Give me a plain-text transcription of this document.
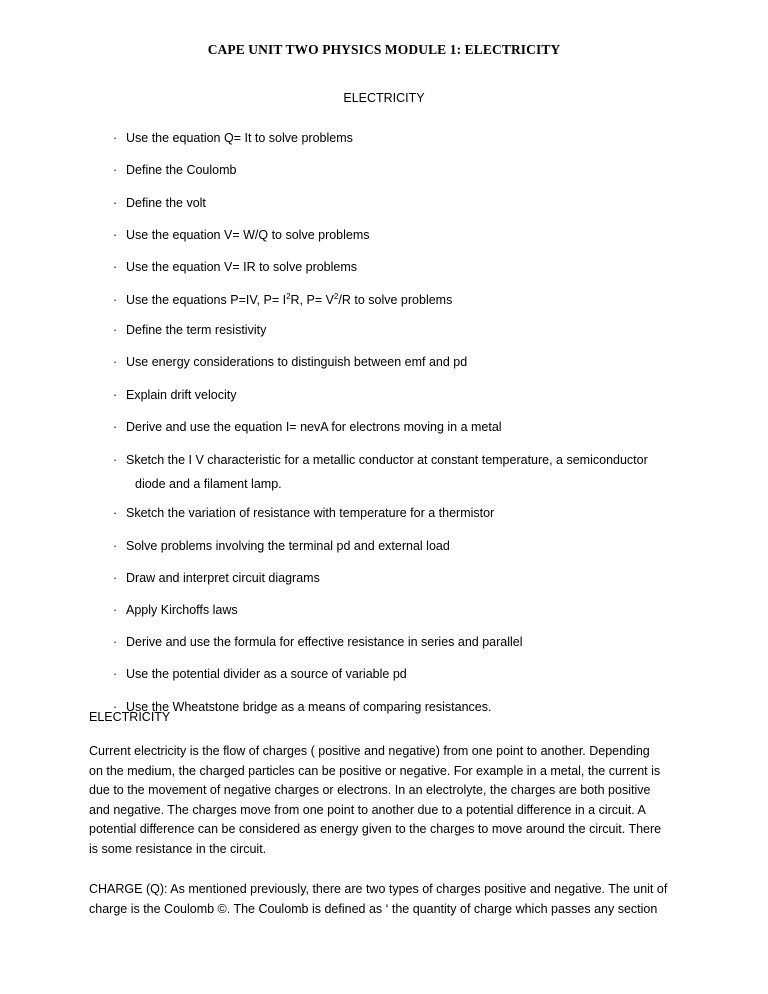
CAPE UNIT TWO PHYSICS MODULE 1: ELECTRICITY
ELECTRICITY
· Use the equation Q= It to solve problems
· Define the Coulomb
· Define the volt
· Use the equation V= W/Q to solve problems
· Use the equation V= IR to solve problems
· Use the equations P=IV, $P= I^2R$, $P= V^2/R$ to solve problems
· Define the term resistivity
· Use energy considerations to distinguish between emf and pd
· Explain drift velocity
· Derive and use the equation I= nevA for electrons moving in a metal
· Sketch the I V characteristic for a metallic conductor at constant temperature, a semiconductor
diode and a filament lamp.
· Sketch the variation of resistance with temperature for a thermistor
· Solve problems involving the terminal pd and external load
· Draw and interpret circuit diagrams
· Apply Kirchoffs laws
· Derive and use the formula for effective resistance in series and parallel
· Use the potential divider as a source of variable pd
· Use the Wheatstone bridge as a means of comparing resistances.
ELECTRICITY
Current electricity is the flow of charges ( positive and negative) from one point to another. Depending
on the medium, the charged particles can be positive or negative. For example in a metal, the current is
due to the movement of negative charges or electrons. In an electrolyte, the charges are both positive
and negative. The charges move from one point to another due to a potential difference in a circuit. A
potential difference can be considered as energy given to the charges to move around the circuit. There
is some resistance in the circuit.
CHARGE (Q): As mentioned previously, there are two types of charges positive and negative. The unit of
charge is the Coulomb ©. The Coulomb is defined as ‘ the quantity of charge which passes any section
